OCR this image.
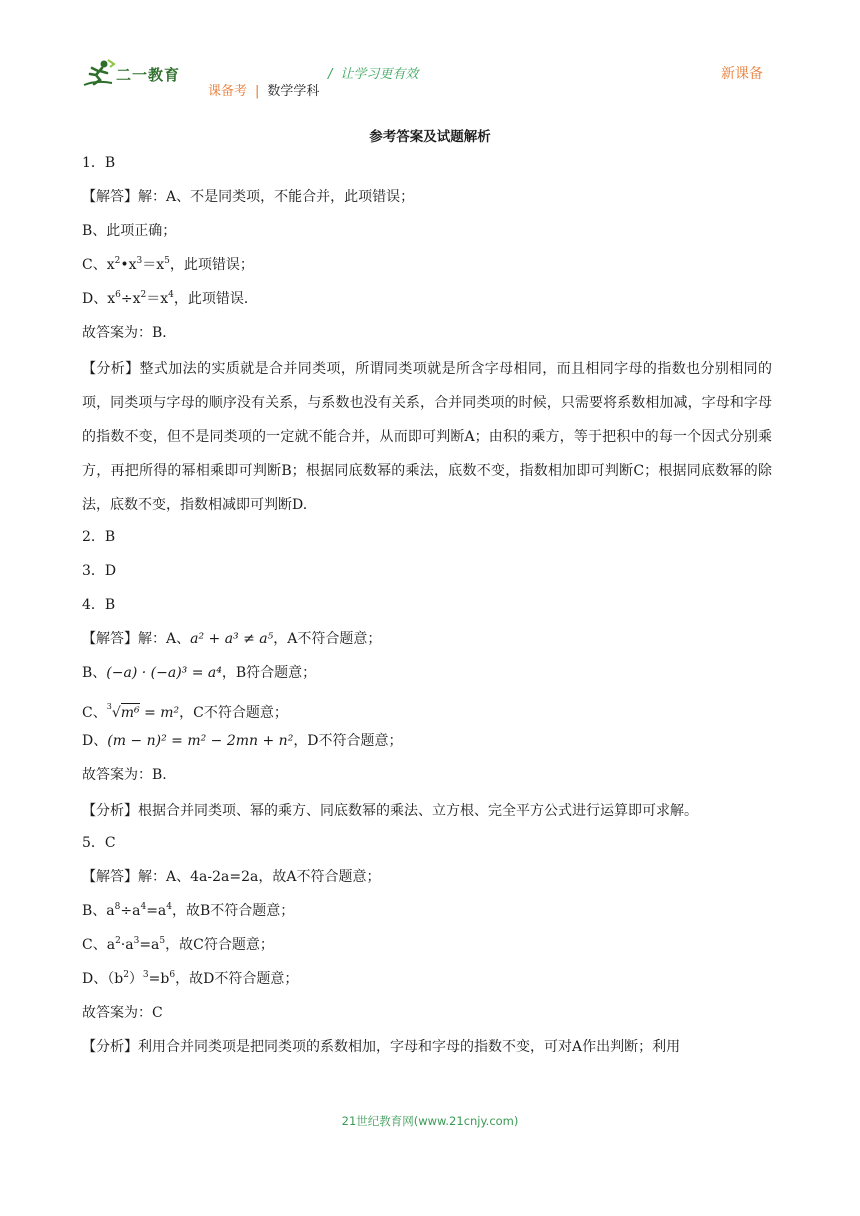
二一教育	/ 让学习更有效	新课备
课备考 | 数学学科
参考答案及试题解析
1．B
【解答】解：A、不是同类项，不能合并，此项错误；
B、此项正确；
C、$x^2•x^3=x^5$，此项错误；
D、$x^6\div x^2=x^4$，此项错误．
故答案为：B．
【分析】整式加法的实质就是合并同类项，所谓同类项就是所含字母相同，而且相同字母的指数也分别相同的项，同类项与字母的顺序没有关系，与系数也没有关系，合并同类项的时候，只需要将系数相加减，字母和字母的指数不变，但不是同类项的一定就不能合并，从而即可判断A；由积的乘方，等于把积中的每一个因式分别乘方，再把所得的幂相乘即可判断B；根据同底数幂的乘法，底数不变，指数相加即可判断C；根据同底数幂的除法，底数不变，指数相减即可判断D.
2．B
3．D
4．B
【解答】解：A、a² + a³ ≠ a⁵，A不符合题意；
B、(−a) · (−a)³ = a⁴，B符合题意；
C、$^3$√m⁶ = m²，C不符合题意；
D、(m − n)² = m² − 2mn + n²，D不符合题意；
故答案为：B.
【分析】根据合并同类项、幂的乘方、同底数幂的乘法、立方根、完全平方公式进行运算即可求解。
5．C
【解答】解：A、4a-2a=2a，故A不符合题意；
B、$a^8\div a^4=a^4$，故B不符合题意；
C、$a^2\cdot a^3=a^5$，故C符合题意；
D、$(b^2)^3=b^6$，故D不符合题意；
故答案为：C
【分析】利用合并同类项是把同类项的系数相加，字母和字母的指数不变，可对A作出判断；利用
21世纪教育网(www.21cnjy.com)
